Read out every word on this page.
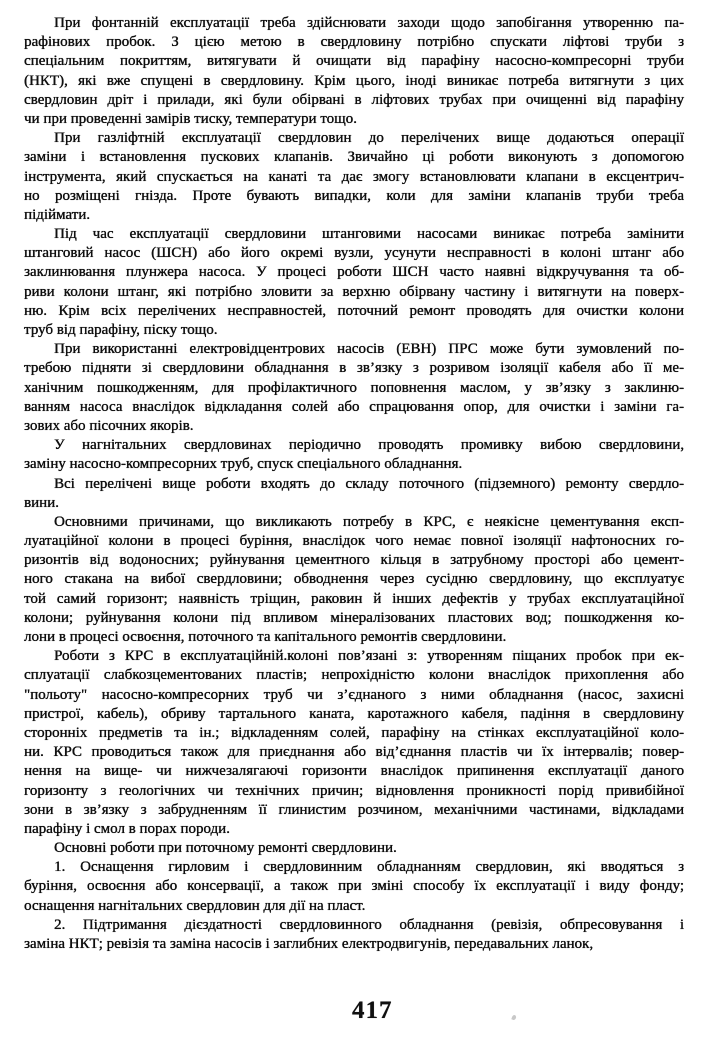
При фонтанній експлуатації треба здійснювати заходи щодо запобігання утворенню па-
рафінових пробок. З цією метою в свердловину потрібно спускати ліфтові труби з
спеціальним покриттям, витягувати й очищати від парафіну насосно-компресорні труби
(НКТ), які вже спущені в свердловину. Крім цього, іноді виникає потреба витягнути з цих
свердловин дріт і прилади, які були обірвані в ліфтових трубах при очищенні від парафіну
чи при проведенні замірів тиску, температури тощо.

При газліфтній експлуатації свердловин до перелічених вище додаються операції
заміни і встановлення пускових клапанів. Звичайно ці роботи виконують з допомогою
інструмента, який спускається на канаті та дає змогу встановлювати клапани в ексцентрич-
но розміщені гнізда. Проте бувають випадки, коли для заміни клапанів труби треба
підіймати.

Під час експлуатації свердловини штанговими насосами виникає потреба замінити
штанговий насос (ШСН) або його окремі вузли, усунути несправності в колоні штанг або
заклинювання плунжера насоса. У процесі роботи ШСН часто наявні відкручування та об-
риви колони штанг, які потрібно зловити за верхню обірвану частину і витягнути на поверх-
ню. Крім всіх перелічених несправностей, поточний ремонт проводять для очистки колони
труб від парафіну, піску тощо.

При використанні електровідцентрових насосів (ЕВН) ПРС може бути зумовлений по-
требою підняти зі свердловини обладнання в зв’язку з розривом ізоляції кабеля або її ме-
ханічним пошкодженням, для профілактичного поповнення маслом, у зв’язку з заклиню-
ванням насоса внаслідок відкладання солей або спрацювання опор, для очистки і заміни га-
зових або пісочних якорів.

У нагнітальних свердловинах періодично проводять промивку вибою свердловини,
заміну насосно-компресорних труб, спуск спеціального обладнання.

Всі перелічені вище роботи входять до складу поточного (підземного) ремонту свердло-
вини.

Основними причинами, що викликають потребу в КРС, є неякісне цементування експ-
луатаційної колони в процесі буріння, внаслідок чого немає повної ізоляції нафтоносних го-
ризонтів від водоносних; руйнування цементного кільця в затрубному просторі або цемент-
ного стакана на вибої свердловини; обводнення через сусідню свердловину, що експлуатує
той самий горизонт; наявність тріщин, раковин й інших дефектів у трубах експлуатаційної
колони; руйнування колони під впливом мінералізованих пластових вод; пошкодження ко-
лони в процесі освоєння, поточного та капітального ремонтів свердловини.

Роботи з КРС в експлуатаційній.колоні пов’язані з: утворенням піщаних пробок при ек-
сплуатації слабкозцементованих пластів; непрохідністю колони внаслідок прихоплення або
"польоту" насосно-компресорних труб чи з’єднаного з ними обладнання (насос, захисні
пристрої, кабель), обриву тартального каната, каротажного кабеля, падіння в свердловину
сторонніх предметів та ін.; відкладенням солей, парафіну на стінках експлуатаційної коло-
ни. КРС проводиться також для приєднання або від’єднання пластів чи їх інтервалів; повер-
нення на вище- чи нижчезалягаючі горизонти внаслідок припинення експлуатації даного
горизонту з геологічних чи технічних причин; відновлення проникності порід привибійної
зони в зв’язку з забрудненням її глинистим розчином, механічними частинами, відкладами
парафіну і смол в порах породи.

Основні роботи при поточному ремонті свердловини.

1. Оснащення гирловим і свердловинним обладнанням свердловин, які вводяться з
буріння, освоєння або консервації, а також при зміні способу їх експлуатації і виду фонду;
оснащення нагнітальних свердловин для дії на пласт.

2. Підтримання дієздатності свердловинного обладнання (ревізія, обпресовування і
заміна НКТ; ревізія та заміна насосів і заглибних електродвигунів, передавальних ланок,

417
